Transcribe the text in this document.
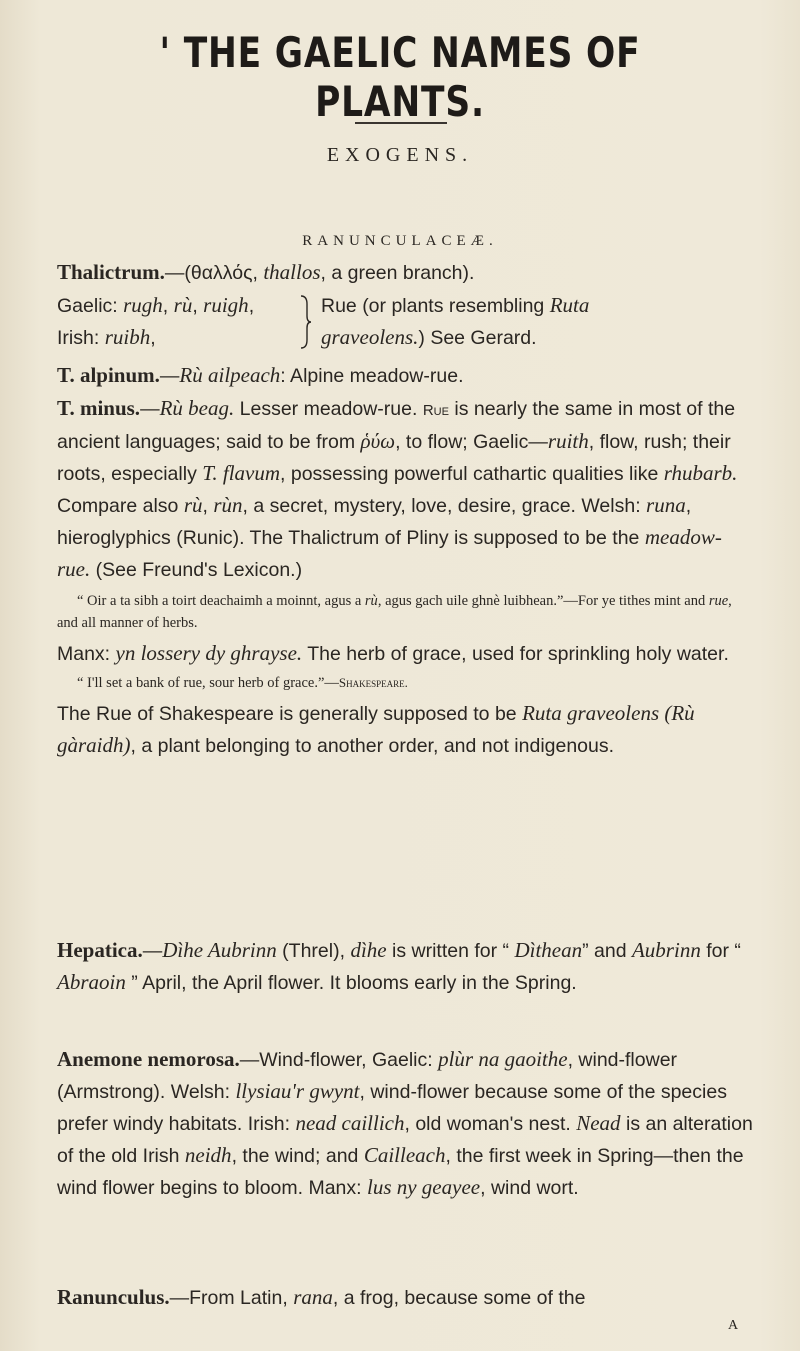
' THE GAELIC NAMES OF PLANTS.
EXOGENS.
RANUNCULACEÆ.

Thalictrum.—(θαλλός, thallos, a green branch).

Gaelic: rugh, rù, ruigh,
Irish: ruibh,
Rue (or plants resembling Ruta
graveolens.) See Gerard.

T. alpinum.—Rù ailpeach: Alpine meadow-rue.

T. minus.—Rù beag. Lesser meadow-rue. Rue is nearly the same in most of the ancient languages; said to be from ῥύω, to flow; Gaelic—ruith, flow, rush; their roots, especially T. flavum, possessing powerful cathartic qualities like rhubarb. Compare also rù, rùn, a secret, mystery, love, desire, grace. Welsh: runa, hieroglyphics (Runic). The Thalictrum of Pliny is supposed to be the meadow-rue. (See Freund's Lexicon.)

“ Oir a ta sibh a toirt deachaimh a moinnt, agus a rù, agus gach uile ghnè luibhean.”—For ye tithes mint and rue, and all manner of herbs.

Manx: yn lossery dy ghrayse. The herb of grace, used for sprinkling holy water.

“ I'll set a bank of rue, sour herb of grace.”—Shakespeare.

The Rue of Shakespeare is generally supposed to be Ruta graveolens (Rù gàraidh), a plant belonging to another order, and not indigenous.

Hepatica.—Dìhe Aubrinn (Threl), dìhe is written for “ Dìthean” and Aubrinn for “ Abraoin ” April, the April flower. It blooms early in the Spring.

Anemone nemorosa.—Wind-flower, Gaelic: plùr na gaoithe, wind-flower (Armstrong). Welsh: llysiau'r gwynt, wind-flower because some of the species prefer windy habitats. Irish: nead caillich, old woman's nest. Nead is an alteration of the old Irish neidh, the wind; and Cailleach, the first week in Spring—then the wind flower begins to bloom. Manx: lus ny geayee, wind wort.

Ranunculus.—From Latin, rana, a frog, because some of the

A
